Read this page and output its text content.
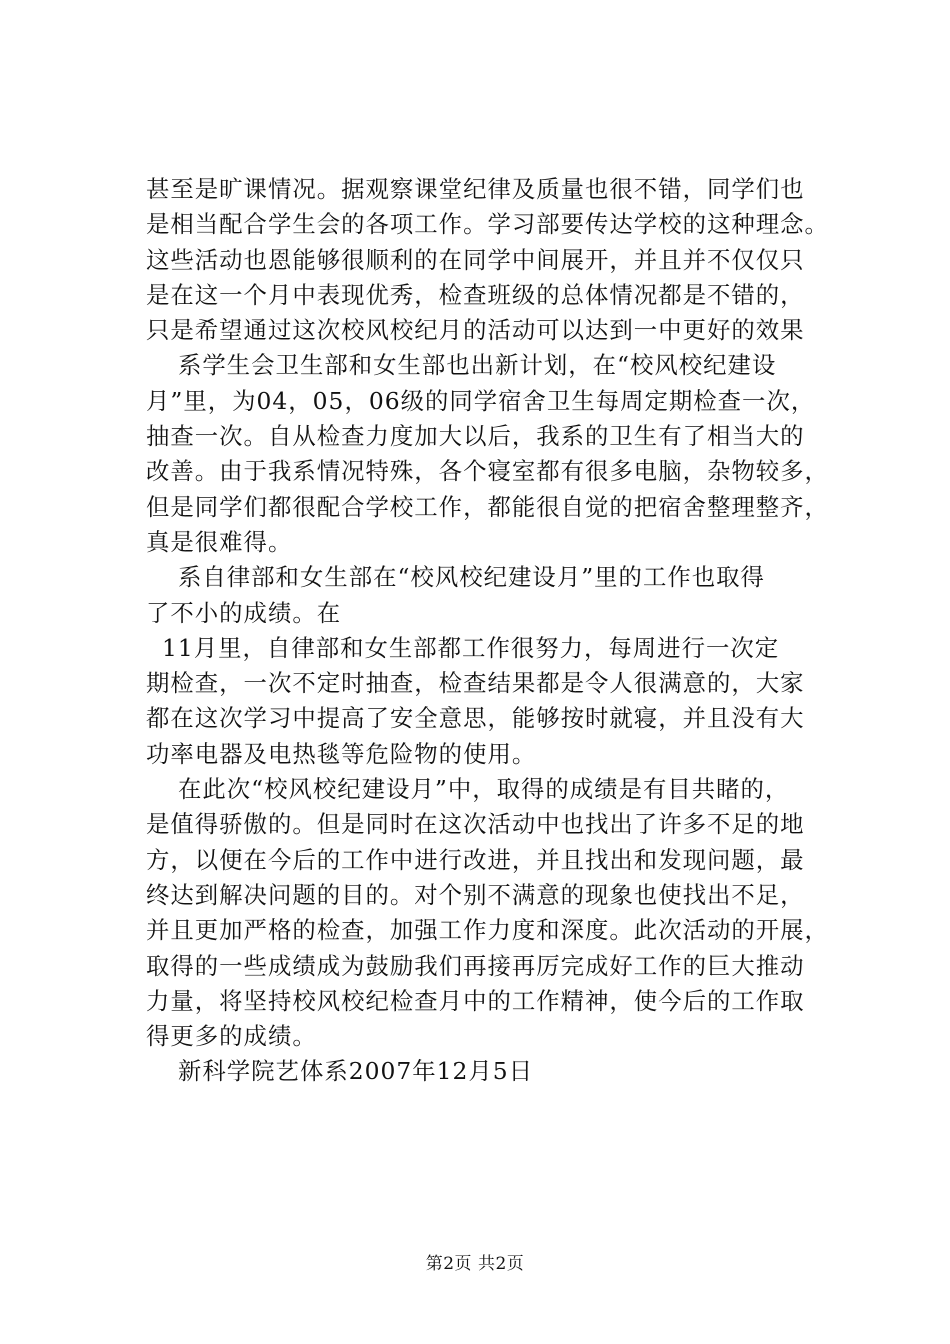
甚至是旷课情况。据观察课堂纪律及质量也很不错，同学们也
是相当配合学生会的各项工作。学习部要传达学校的这种理念。
这些活动也恩能够很顺利的在同学中间展开，并且并不仅仅只
是在这一个月中表现优秀，检查班级的总体情况都是不错的，
只是希望通过这次校风校纪月的活动可以达到一中更好的效果
系学生会卫生部和女生部也出新计划，在“校风校纪建设
月”里，为04，05，06级的同学宿舍卫生每周定期检查一次，
抽查一次。自从检查力度加大以后，我系的卫生有了相当大的
改善。由于我系情况特殊，各个寝室都有很多电脑，杂物较多，
但是同学们都很配合学校工作，都能很自觉的把宿舍整理整齐，
真是很难得。
系自律部和女生部在“校风校纪建设月”里的工作也取得
了不小的成绩。在
11月里，自律部和女生部都工作很努力，每周进行一次定
期检查，一次不定时抽查，检查结果都是令人很满意的，大家
都在这次学习中提高了安全意思，能够按时就寝，并且没有大
功率电器及电热毯等危险物的使用。
在此次“校风校纪建设月”中，取得的成绩是有目共睹的，
是值得骄傲的。但是同时在这次活动中也找出了许多不足的地
方，以便在今后的工作中进行改进，并且找出和发现问题，最
终达到解决问题的目的。对个别不满意的现象也使找出不足，
并且更加严格的检查，加强工作力度和深度。此次活动的开展，
取得的一些成绩成为鼓励我们再接再厉完成好工作的巨大推动
力量，将坚持校风校纪检查月中的工作精神，使今后的工作取
得更多的成绩。
新科学院艺体系2007年12月5日
第2页 共2页
